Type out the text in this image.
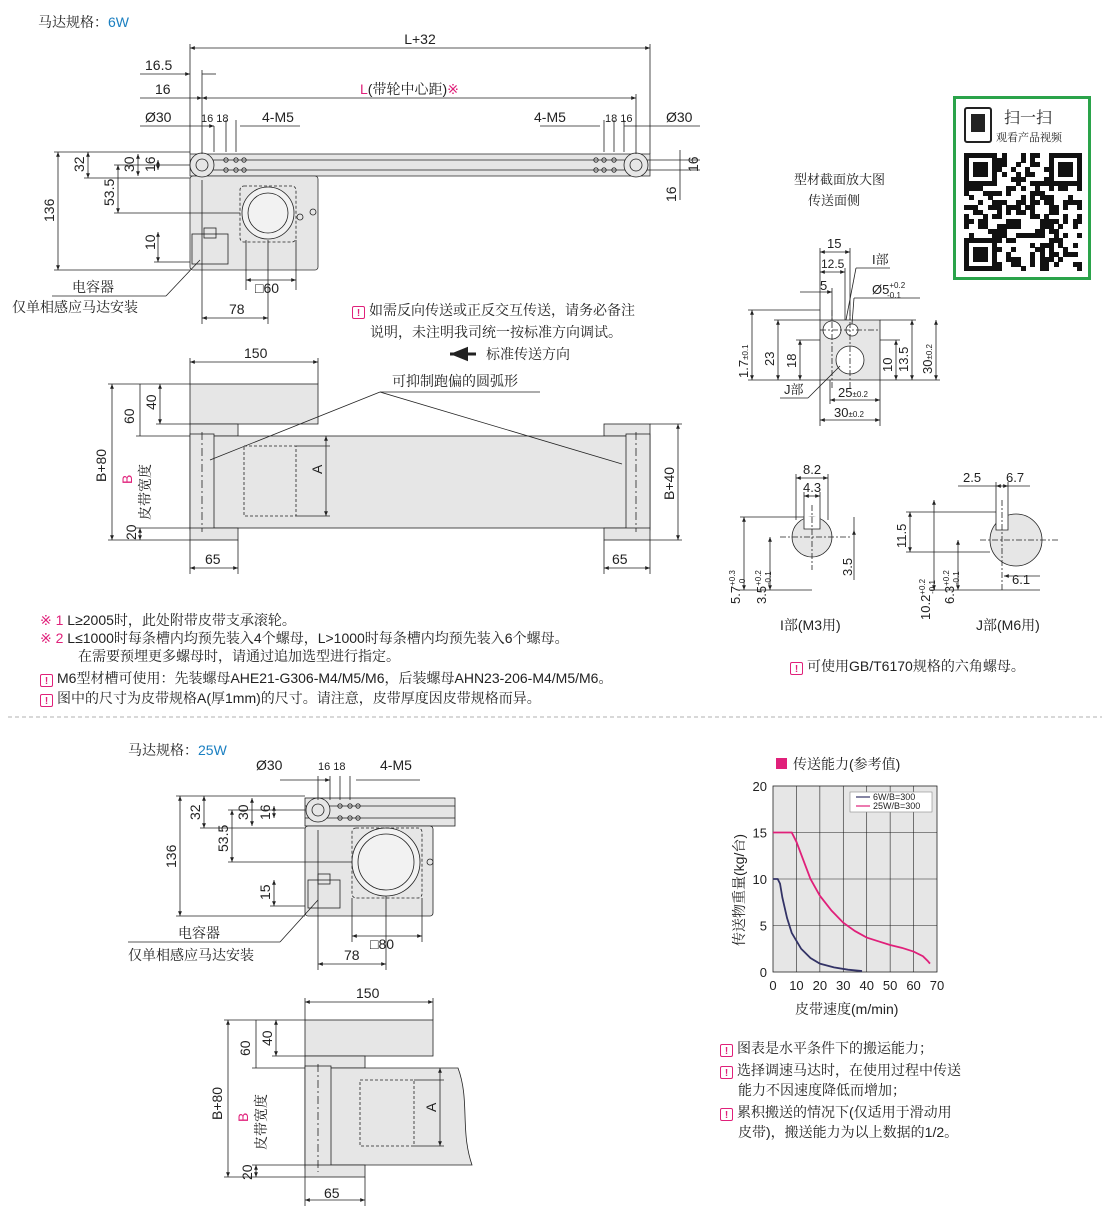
马达规格：6W
L+32
16.5
16	L(带轮中心距)※
Ø30	16 18 4-M5	4-M5	18 16 Ø30
32 30 16
53.5
136
10
16
16
□60
78
电容器
仅单相感应马达安装
150
60
40
B+80 B 皮带宽度	A	B+40
20
65	65
可抑制跑偏的圆弧形
型材截面放大图
传送面侧
15
12.5
5
I部
$Ø5^{+0.2}$ -0.1
1.7±0.1 23 18	10 13.5 30±0.2
J部	25±0.2
30±0.2
8.2
4.3
$5.7^{+0.3}0$
$3.5^{+0.2}-0.1$
3.5
I部(M3用)
2.5 6.7
11.5
$10.2^{+0.2}-0.1$ $6.3^{+0.2}-0.1$	6.1
J部(M6用)
Ø30	16 18 4-M5
32 30 16
53.5
136
15
□80
78
电容器
仅单相感应马达安装
150
60
40
B+80 B 皮带宽度	A
20
65
0 10 20 30 40 50 60 70
0
5
10
15
20
6W/B=300
25W/B=300
皮带速度(m/min)
传送物重量(kg/台)
! 如需反向传送或正反交互传送，请务必备注
说明，未注明我司统一按标准方向调试。
标准传送方向
扫一扫
观看产品视频
※ 1 L≥2005时，此处附带皮带支承滚轮。
※ 2 L≤1000时每条槽内均预先装入4个螺母，L>1000时每条槽内均预先装入6个螺母。
在需要预埋更多螺母时，请通过追加选型进行指定。
! M6型材槽可使用：先装螺母AHE21-G306-M4/M5/M6，后装螺母AHN23-206-M4/M5/M6。
! 图中的尺寸为皮带规格A(厚1mm)的尺寸。请注意，皮带厚度因皮带规格而异。
! 可使用GB/T6170规格的六角螺母。
马达规格：25W
传送能力(参考值)
! 图表是水平条件下的搬运能力；
! 选择调速马达时，在使用过程中传送
能力不因速度降低而增加；
! 累积搬送的情况下(仅适用于滑动用
皮带)，搬送能力为以上数据的1/2。
